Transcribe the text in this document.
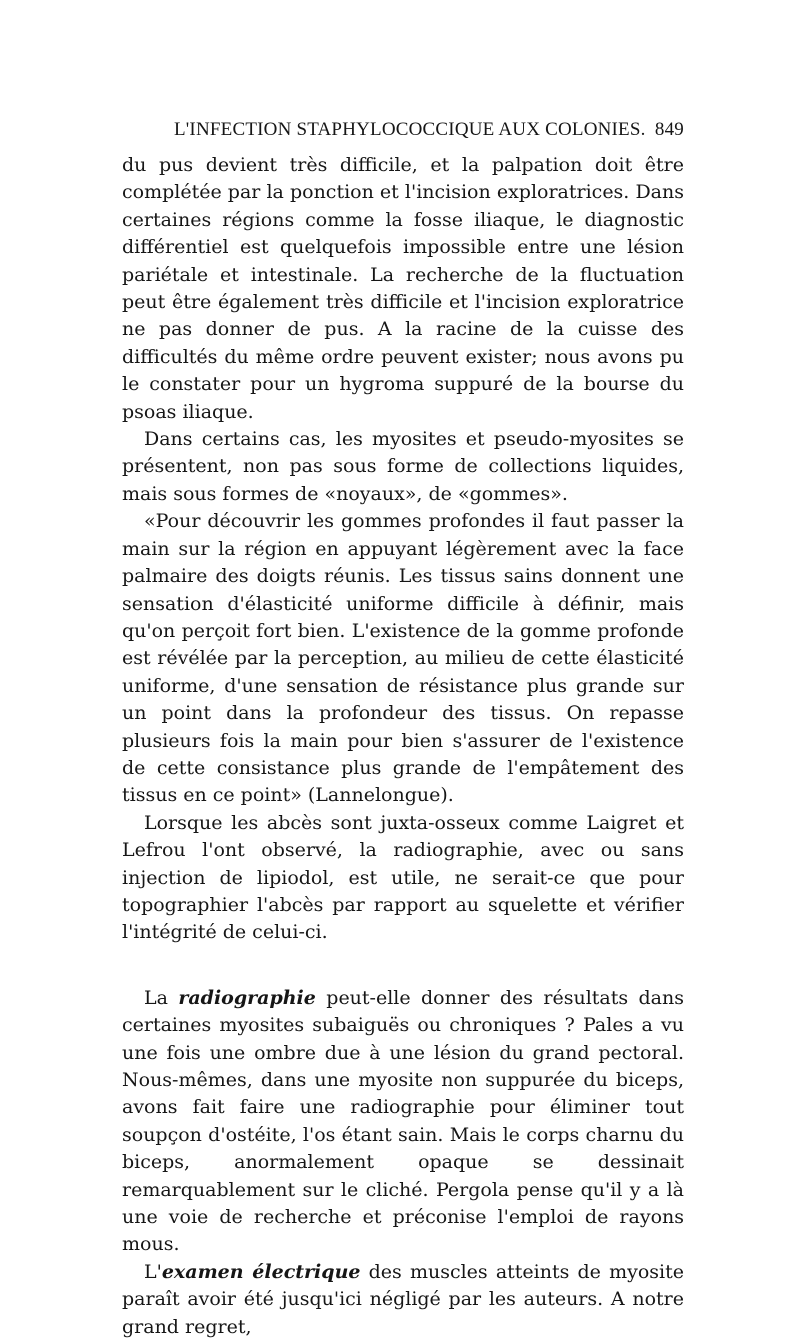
L'INFECTION STAPHYLOCOCCIQUE AUX COLONIES. 849

du pus devient très difficile, et la palpation doit être complétée par la ponction et l'incision exploratrices. Dans certaines régions comme la fosse iliaque, le diagnostic différentiel est quelquefois impossible entre une lésion pariétale et intestinale. La recherche de la fluctuation peut être également très difficile et l'incision exploratrice ne pas donner de pus. A la racine de la cuisse des difficultés du même ordre peuvent exister; nous avons pu le constater pour un hygroma suppuré de la bourse du psoas iliaque.

Dans certains cas, les myosites et pseudo-myosites se présentent, non pas sous forme de collections liquides, mais sous formes de «noyaux», de «gommes».

«Pour découvrir les gommes profondes il faut passer la main sur la région en appuyant légèrement avec la face palmaire des doigts réunis. Les tissus sains donnent une sensation d'élasticité uniforme difficile à définir, mais qu'on perçoit fort bien. L'existence de la gomme profonde est révélée par la perception, au milieu de cette élasticité uniforme, d'une sensation de résistance plus grande sur un point dans la profondeur des tissus. On repasse plusieurs fois la main pour bien s'assurer de l'existence de cette consistance plus grande de l'empâtement des tissus en ce point» (Lannelongue).

Lorsque les abcès sont juxta-osseux comme Laigret et Lefrou l'ont observé, la radiographie, avec ou sans injection de lipiodol, est utile, ne serait-ce que pour topographier l'abcès par rapport au squelette et vérifier l'intégrité de celui-ci.

La radiographie peut-elle donner des résultats dans certaines myosites subaiguës ou chroniques ? Pales a vu une fois une ombre due à une lésion du grand pectoral. Nous-mêmes, dans une myosite non suppurée du biceps, avons fait faire une radiographie pour éliminer tout soupçon d'ostéite, l'os étant sain. Mais le corps charnu du biceps, anormalement opaque se dessinait remarquablement sur le cliché. Pergola pense qu'il y a là une voie de recherche et préconise l'emploi de rayons mous.

L'examen électrique des muscles atteints de myosite paraît avoir été jusqu'ici négligé par les auteurs. A notre grand regret,
